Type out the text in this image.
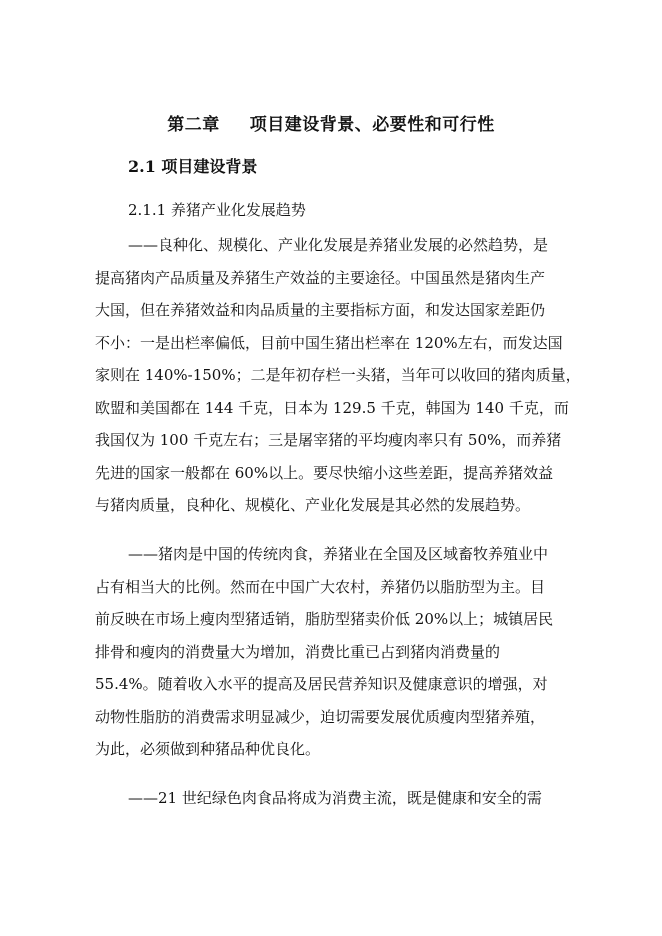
第二章 项目建设背景、必要性和可行性
2.1 项目建设背景
2.1.1 养猪产业化发展趋势
——良种化、规模化、产业化发展是养猪业发展的必然趋势，是
提高猪肉产品质量及养猪生产效益的主要途径。中国虽然是猪肉生产
大国，但在养猪效益和肉品质量的主要指标方面，和发达国家差距仍
不小：一是出栏率偏低，目前中国生猪出栏率在 120%左右，而发达国
家则在 140%-150%；二是年初存栏一头猪，当年可以收回的猪肉质量，
欧盟和美国都在 144 千克，日本为 129.5 千克，韩国为 140 千克，而
我国仅为 100 千克左右；三是屠宰猪的平均瘦肉率只有 50%，而养猪
先进的国家一般都在 60%以上。要尽快缩小这些差距，提高养猪效益
与猪肉质量，良种化、规模化、产业化发展是其必然的发展趋势。
——猪肉是中国的传统肉食，养猪业在全国及区域畜牧养殖业中
占有相当大的比例。然而在中国广大农村，养猪仍以脂肪型为主。目
前反映在市场上瘦肉型猪适销，脂肪型猪卖价低 20%以上；城镇居民
排骨和瘦肉的消费量大为增加，消费比重已占到猪肉消费量的
55.4%。随着收入水平的提高及居民营养知识及健康意识的增强，对
动物性脂肪的消费需求明显减少，迫切需要发展优质瘦肉型猪养殖，
为此，必须做到种猪品种优良化。
——21 世纪绿色肉食品将成为消费主流，既是健康和安全的需
